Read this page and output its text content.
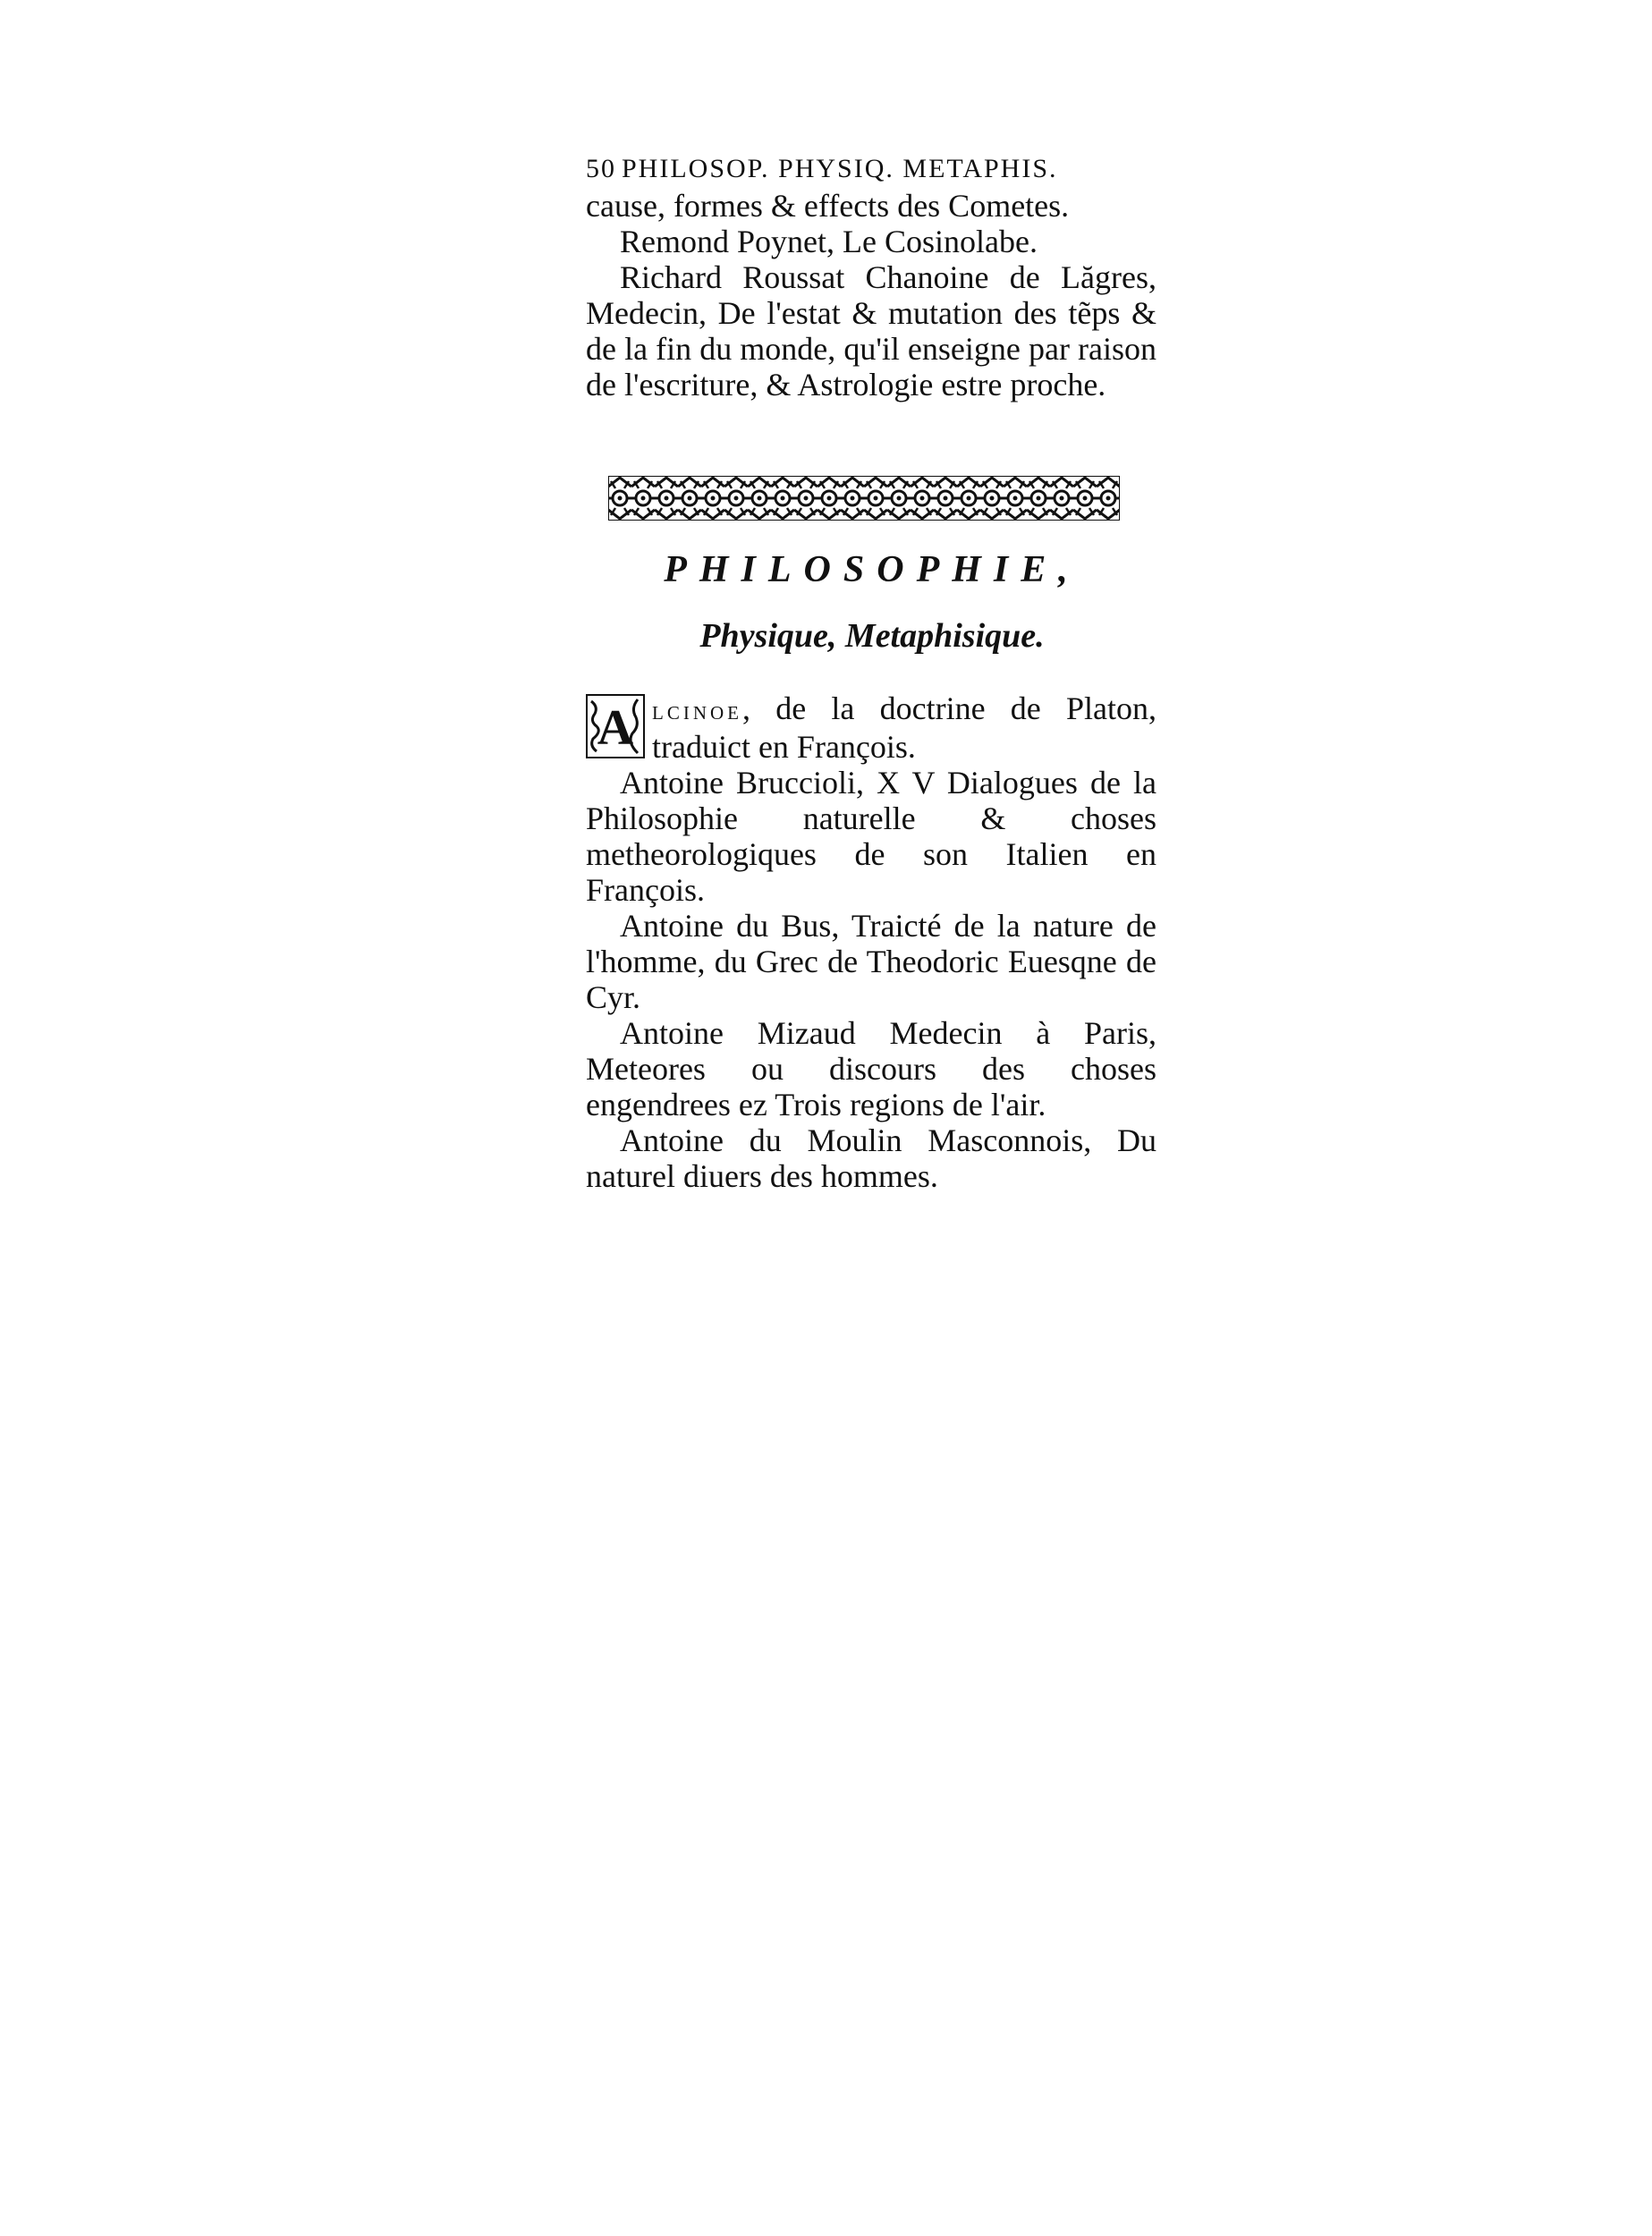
50 PHILOSOP. PHYSIQ. METAPHIS.

cause, formes & effects des Cometes.

Remond Poynet, Le Cosinolabe.

Richard Roussat Chanoine de Lăgres, Medecin, De l'estat & mutation des tẽps & de la fin du monde, qu'il enseigne par raison de l'escriture, & Astrologie estre proche.

PHILOSOPHIE,
Physique, Metaphisique.

A lcinoe, de la doctrine de Platon, traduict en François.

Antoine Bruccioli, X V Dialogues de la Philosophie naturelle & choses metheorologiques de son Italien en François.

Antoine du Bus, Traicté de la nature de l'homme, du Grec de Theodoric Euesqne de Cyr.

Antoine Mizaud Medecin à Paris, Meteores ou discours des choses engendrees ez Trois regions de l'air.

Antoine du Moulin Masconnois, Du naturel diuers des hommes.
